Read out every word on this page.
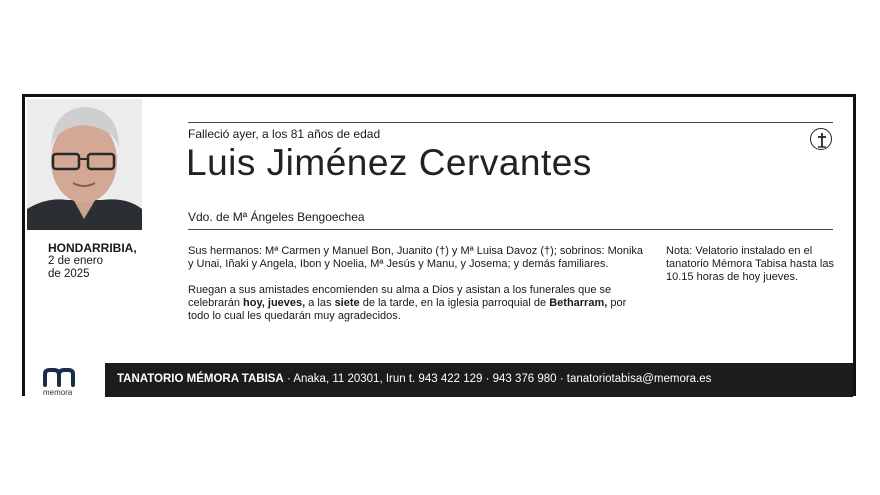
HONDARRIBIA,
2 de enero
de 2025
Falleció ayer, a los 81 años de edad
Luis Jiménez Cervantes
Vdo. de Mª Ángeles Bengoechea
Sus hermanos: Mª Carmen y Manuel Bon, Juanito (†) y Mª Luisa Davoz (†); sobrinos: Monika y Unai, Iñaki y Angela, Ibon y Noelia, Mª Jesús y Manu, y Josema; y demás familiares.
Ruegan a sus amistades encomienden su alma a Dios y asistan a los funerales que se celebrarán hoy, jueves, a las siete de la tarde, en la iglesia parroquial de Betharram, por todo lo cual les quedarán muy agradecidos.
Nota: Velatorio instalado en el tanatorio Mémora Tabisa hasta las 10.15 horas de hoy jueves.
memora
TANATORIO MÉMORA TABISA · Anaka, 11 20301, Irun t. 943 422 129 · 943 376 980 · tanatoriotabisa@memora.es
